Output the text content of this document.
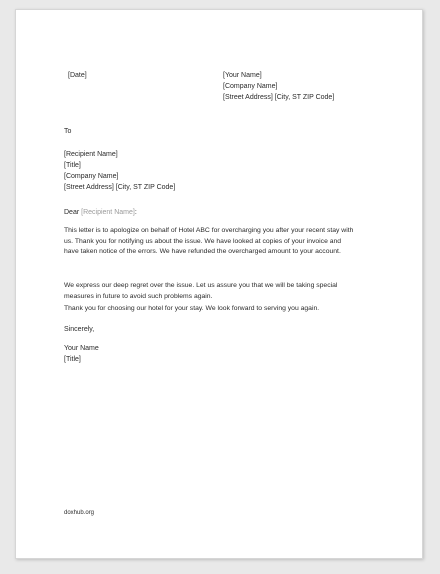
[Date]	[Your Name]
[Company Name]
[Street Address] [City, ST ZIP Code]
To
[Recipient Name]
[Title]
[Company Name]
[Street Address] [City, ST ZIP Code]
Dear [Recipient Name]:
This letter is to apologize on behalf of Hotel ABC for overcharging you after your recent stay with us. Thank you for notifying us about the issue. We have looked at copies of your invoice and have taken notice of the errors. We have refunded the overcharged amount to your account.
We express our deep regret over the issue. Let us assure you that we will be taking special measures in future to avoid such problems again.
Thank you for choosing our hotel for your stay. We look forward to serving you again.
Sincerely,
Your Name
[Title]
doxhub.org
